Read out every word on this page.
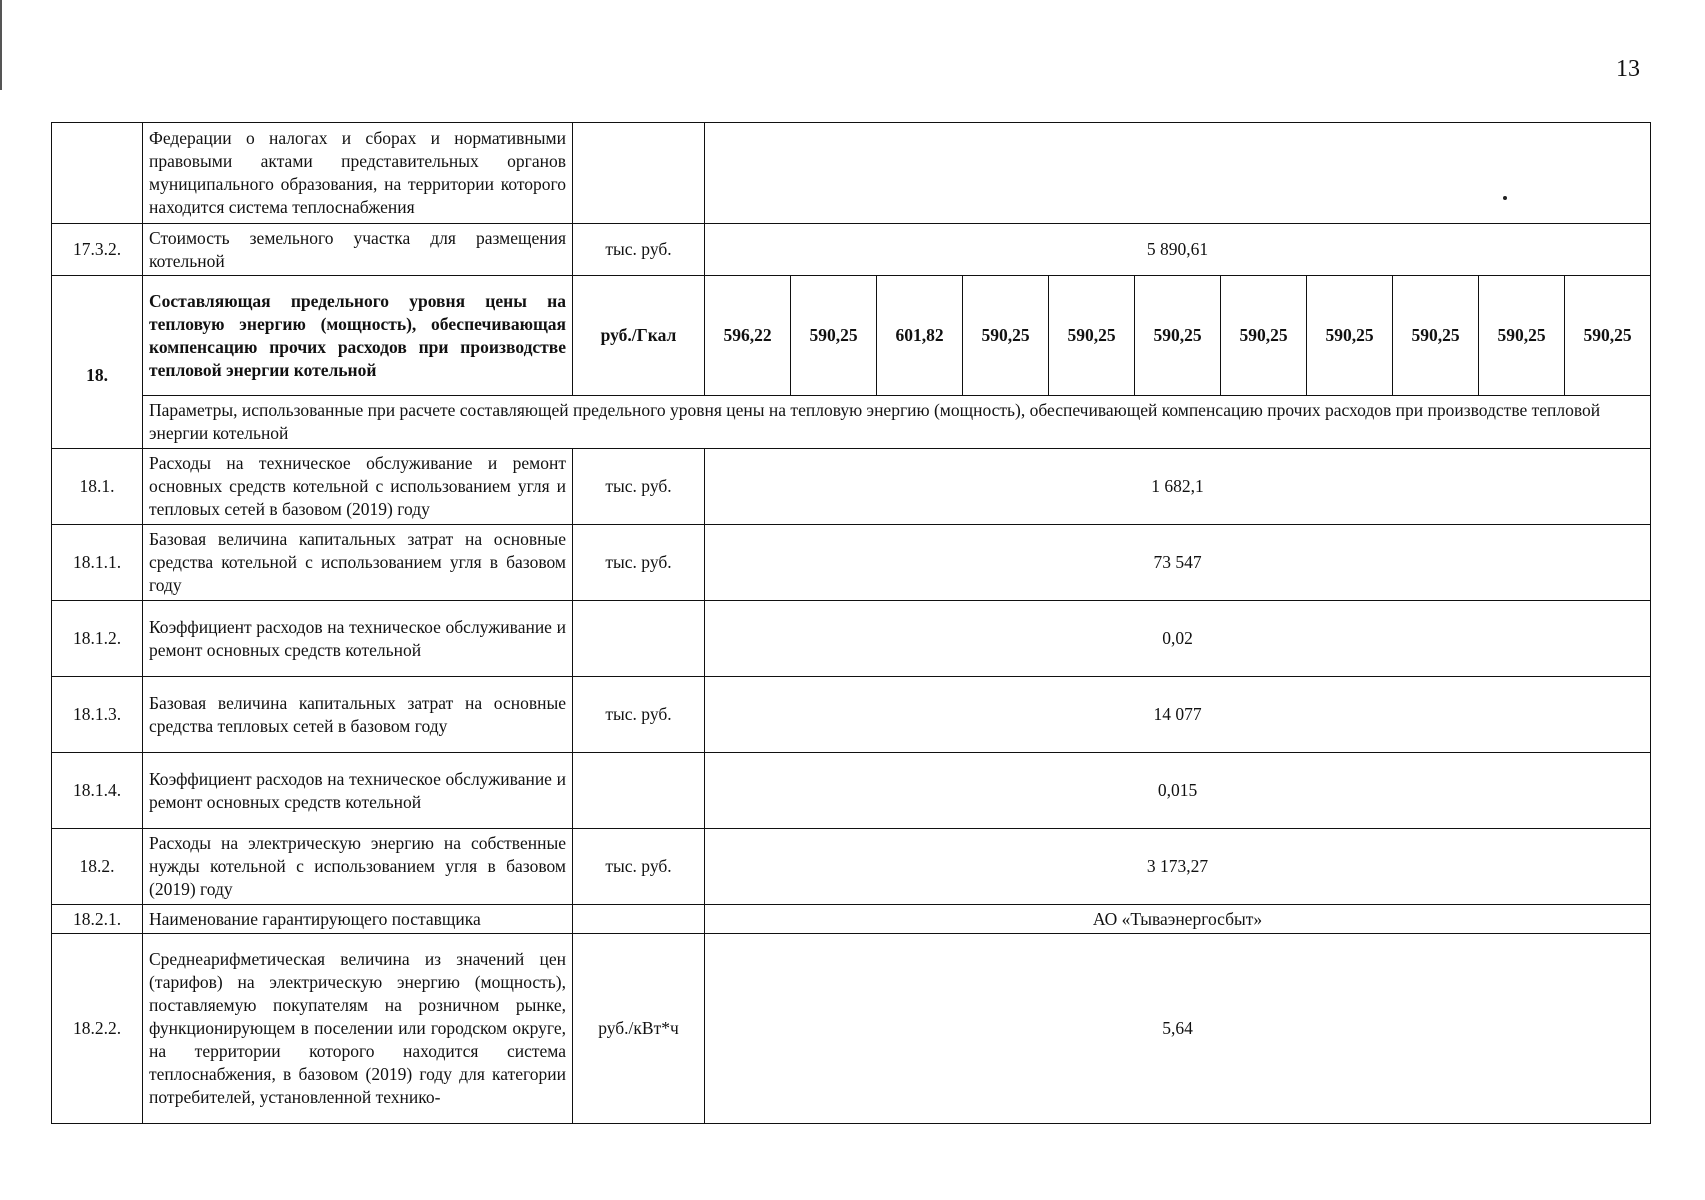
13
	Федерации о налогах и сборах и нормативными правовыми актами представительных органов муниципального образования, на территории которого находится система теплоснабжения												
17.3.2.	Стоимость земельного участка для размещения котельной	тыс. руб.	5 890,61										
18.	Составляющая предельного уровня цены на тепловую энергию (мощность), обеспечивающая компенсацию прочих расходов при производстве тепловой энергии котельной	руб./Гкал	596,22	590,25	601,82	590,25	590,25	590,25	590,25	590,25	590,25	590,25	590,25
	Параметры, использованные при расчете составляющей предельного уровня цены на тепловую энергию (мощность), обеспечивающей компенсацию прочих расходов при производстве тепловой энергии котельной												
18.1.	Расходы на техническое обслуживание и ремонт основных средств котельной с использованием угля и тепловых сетей в базовом (2019) году	тыс. руб.	1 682,1										
18.1.1.	Базовая величина капитальных затрат на основные средства котельной с использованием угля в базовом году	тыс. руб.	73 547										
18.1.2.	Коэффициент расходов на техническое обслуживание и ремонт основных средств котельной		0,02										
18.1.3.	Базовая величина капитальных затрат на основные средства тепловых сетей в базовом году	тыс. руб.	14 077										
18.1.4.	Коэффициент расходов на техническое обслуживание и ремонт основных средств котельной		0,015										
18.2.	Расходы на электрическую энергию на собственные нужды котельной с использованием угля в базовом (2019) году	тыс. руб.	3 173,27										
18.2.1.	Наименование гарантирующего поставщика		АО «Тываэнергосбыт»										
18.2.2.	Среднеарифметическая величина из значений цен (тарифов) на электрическую энергию (мощность), поставляемую покупателям на розничном рынке, функционирующем в поселении или городском округе, на территории которого находится система теплоснабжения, в базовом (2019) году для категории потребителей, установленной технико-	руб./кВт*ч	5,64										
